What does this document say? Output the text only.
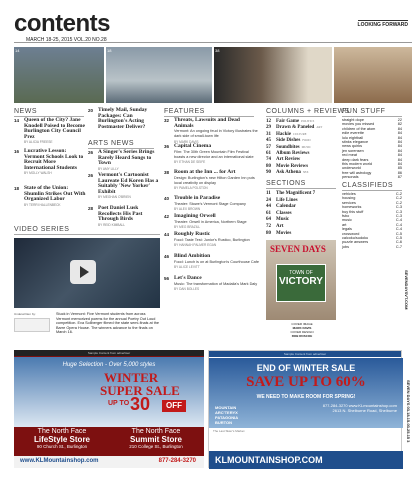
contents
MARCH 18-25, 2015 VOL.20 NO.28
LOOKING FORWARD
14	18	38
NEWS
14 Queen of the City? Jane Knodell Poised to Become Burlington City Council Prez
BY ALICIA FREESE
16 Lucrative Lesson: Vermont Schools Look to Recruit More International Students
BY MOLLY WALSH
18 State of the Union: Shumlin Strikes Out With Organized Labor
BY TERRI HALLENBECK
20 Timely Mail, Sunday Packages: Can Burlington's Acting Postmaster Deliver?
ARTS NEWS
26 A Singer's Series Brings Rarely Heard Songs to Town
BY AMY LILLY
26 Vermont's Cartoonist Laureate Ed Koren Has a Suitably 'New Yorker' Exhibit
BY MEGHAN O'BRIEN
28 Poet Daniel Lusk Recollects His Past Through Birds
BY REID KIMBALL
VIDEO SERIES
Underwritten by:	Stuck in Vermont: Five Vermont students from across Vermont memorized poems for the annual Poetry Out Loud competition. Eva Sollberger filmed the state semi-finals at the Barre Opera House. The winners advance to the finals on March 16.
FEATURES
32 Threats, Lawsuits and Dead Animals
Vermont: An ongoing feud in Victory illustrates the dark side of small-town life
BY MARK DAVIS
36 Capital Cinema
Film: The 30th Green Mountain Film Festival boasts a new director and an international slate
BY ETHAN DE SEIFE
38 Room at the Inn ... for Art
Design: Burlington's new Hilton Garden Inn puts local creativity on display
BY PAMELA POLSTON
40 Trouble in Paradise
Theater: Stowe's Vermont Stage Company
BY ALEX BROWN
42 Imagining Orwell
Theater: Orwell in America, Northern Stage
BY MEG BRAZILL
44 Roughly Rustic
Food: Taste Test: Junior's Rustico, Burlington
BY HANNAH PALMER EGAN
46 Blind Ambition
Food: Lunch is on at Burlington's Courthouse Cafe
BY ALICE LEVITT
56 Let's Dance
Music: The transformation of Madaila's Mark Daly
BY DAN BOLLES
COLUMNS + REVIEWS
12 Fair Game POLITICS
29 Drawn & Paneled ART
31 Hackie CULTURE
45 Side Dishes FOOD
57 Soundbites MUSIC
61 Album Reviews
74 Art Review
80 Movie Reviews
90 Ask Athena SEX
SECTIONS
11 The Magnificent 7
24 Life Lines
44 Calendar
61 Classes
64 Music
72 Art
80 Movies
SEVEN DAYS
TOWN OF
VICTORY
COVER IMAGE
MARK DAVIS
COVER DESIGN
ROB ROSCOE
SEVENDAYSVT.COM
FUN STUFF
straight dope	22
movies you missed	82
children of the atom	84
edie everette	84
lulu eightball	84
stinks elegance	84
news quirks	84
jen sorensen	84
red meat	84
deep dark fears	84
this modern world	84
underworld	85
free will astrology	86
personals	87
CLASSIFIEDS
vehicles	C-2
housing	C-2
services	C-2
homeworks	C-3
buy this stuff	C-3
fsbo	C-3
music	C-4
art	C-4
legals	C-4
crossword	C-5
calcoku/sudoku	C-5
puzzle answers	C-6
jobs	C-7
Sample Content from advertiser
Huge Selection - Over 5,000 styles
WINTER
SUPER SALE
UP TO 30	OFF
The North Face
LifeStyle Store
90 Church St., Burlington
The North Face
Summit Store
210 College St., Burlington
www.KLMountainshop.com	877-284-3270
Sample Content from advertiser
END OF WINTER SALE
SAVE UP TO 60%
WE NEED TO MAKE ROOM FOR SPRING!
MOUNTAIN
ARC'TERYX
PATAGONIA
BURTON
877-284-3270 www.KLmountainshop.com 2613 N. Shelburne Road, Shelburne
The Last Skier's Market
KLMOUNTAINSHOP.COM
SEVEN DAYS 03.18.15-03.25.15 3
